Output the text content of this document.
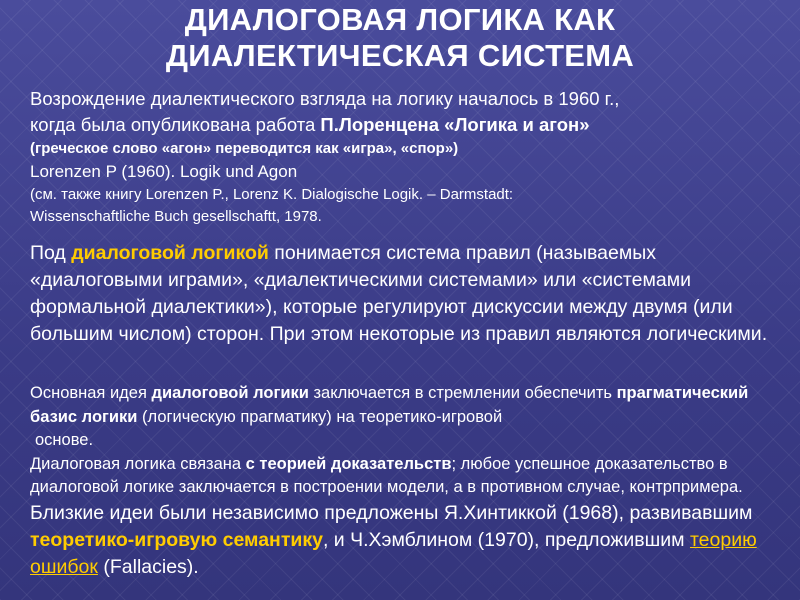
ДИАЛОГОВАЯ ЛОГИКА КАК
ДИАЛЕКТИЧЕСКАЯ СИСТЕМА
Возрождение диалектического взгляда на логику началось в 1960 г.,
когда была опубликована работа П.Лоренцена «Логика и агон»
(греческое слово «агон» переводится как «игра», «спор»)
Lorenzen P (1960). Logik und Agon
(см. также книгу Lorenzen P., Lorenz K. Dialogische Logik. – Darmstadt:
Wissenschaftliche Buch gesellschaftt, 1978.
Под диалоговой логикой понимается система правил (называемых «диалоговыми играми», «диалектическими системами» или «системами формальной диалектики»), которые регулируют дискуссии между двумя (или большим числом) сторон. При этом некоторые из правил являются логическими.
Основная идея диалоговой логики заключается в стремлении обеспечить прагматический базис логики (логическую прагматику) на теоретико-игровой
основе.
Диалоговая логика связана с теорией доказательств; любое успешное доказательство в диалоговой логике заключается в построении модели, а в противном случае, контрпримера.
Близкие идеи были независимо предложены Я.Хинтиккой (1968), развивавшим теоретико-игровую семантику, и Ч.Хэмблином (1970), предложившим теорию ошибок (Fallacies).
